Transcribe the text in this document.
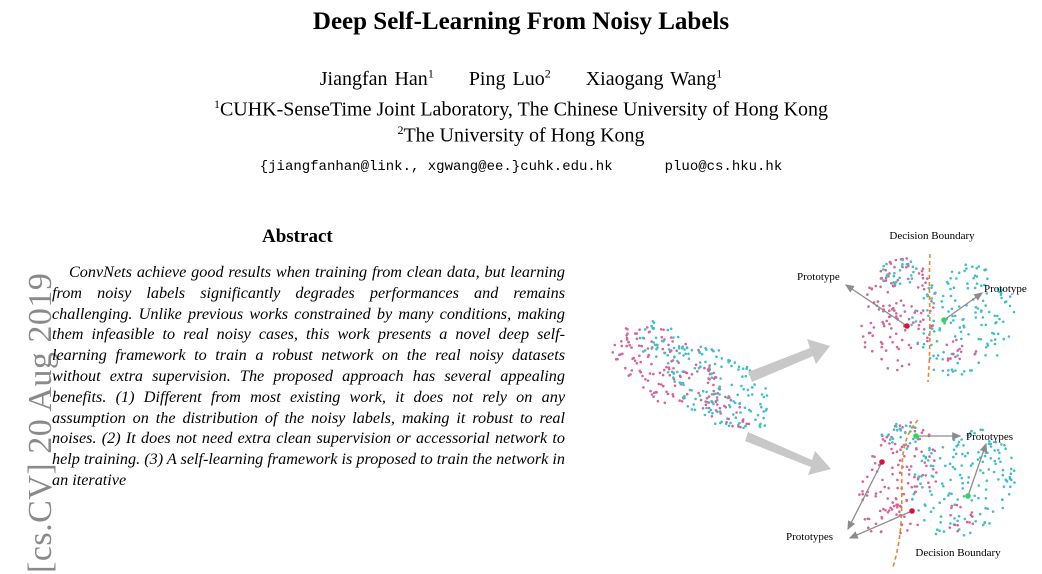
Deep Self-Learning From Noisy Labels
Jiangfan Han$^1$ Ping Luo$^2$ Xiaogang Wang$^1$
$^1$CUHK-SenseTime Joint Laboratory, The Chinese University of Hong Kong
$^2$The University of Hong Kong
{jiangfanhan@link., xgwang@ee.}cuhk.edu.hk	pluo@cs.hku.hk
[cs.CV] 20 Aug 2019
Abstract

ConvNets achieve good results when training from clean data, but learning from noisy labels significantly degrades performances and remains challenging. Unlike previous works constrained by many conditions, making them infeasible to real noisy cases, this work presents a novel deep self-learning framework to train a robust network on the real noisy datasets without extra supervision. The proposed approach has several appealing benefits. (1) Different from most existing work, it does not rely on any assumption on the distribution of the noisy labels, making it robust to real noises. (2) It does not need extra clean supervision or accessorial network to help training. (3) A self-learning framework is proposed to train the network in an iterative

Decision Boundary
Prototype
Prototype
Prototypes
Prototypes
Decision Boundary
